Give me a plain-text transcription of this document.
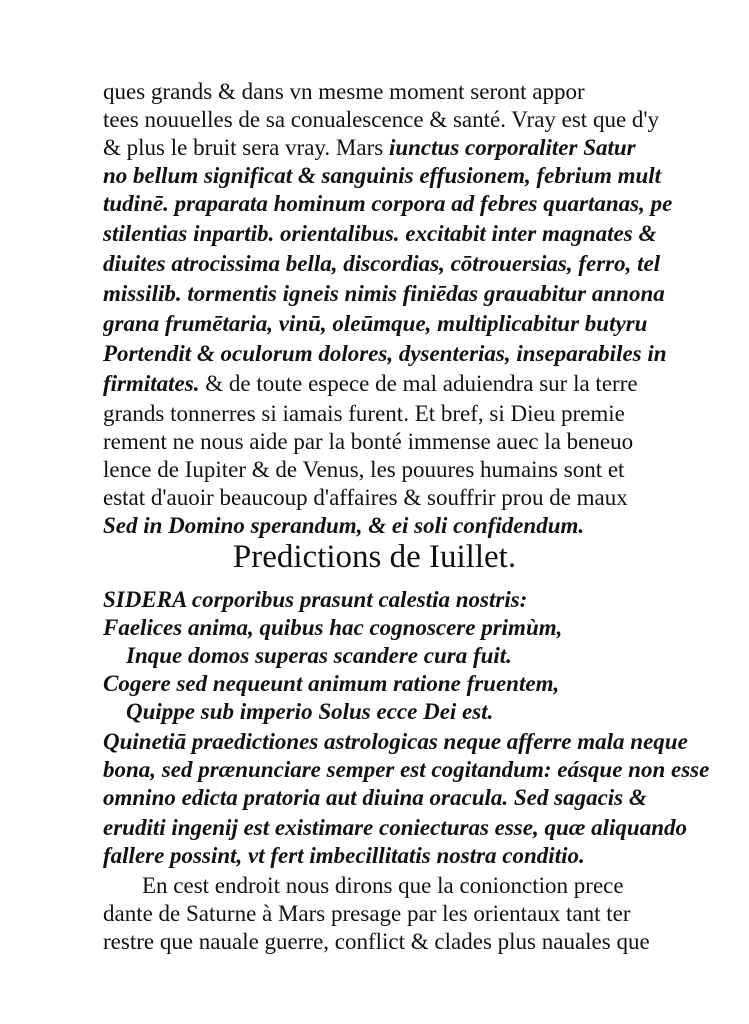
ques grands & dans vn mesme moment seront appor
tees nouuelles de sa conualescence & santé. Vray est que d'y
& plus le bruit sera vray. Mars iunctus corporaliter Satur
no bellum significat & sanguinis effusionem, febrium mult
tudinē. praparata hominum corpora ad febres quartanas, pe
stilentias inpartib. orientalibus. excitabit inter magnates &
diuites atrocissima bella, discordias, cōtrouersias, ferro, tel
missilib. tormentis igneis nimis finiēdas grauabitur annona
grana frumētaria, vinū, oleūmque, multiplicabitur butyru
Portendit & oculorum dolores, dysenterias, inseparabiles in
firmitates. & de toute espece de mal aduiendra sur la terre
grands tonnerres si iamais furent. Et bref, si Dieu premie
rement ne nous aide par la bonté immense auec la beneuo
lence de Iupiter & de Venus, les pouures humains sont et
estat d'auoir beaucoup d'affaires & souffrir prou de maux
Sed in Domino sperandum, & ei soli confidendum.
Predictions de Iuillet.
SIDERA corporibus prasunt calestia nostris:
Faelices anima, quibus hac cognoscere primùm,
Inque domos superas scandere cura fuit.
Cogere sed nequeunt animum ratione fruentem,
Quippe sub imperio Solus ecce Dei est.
Quinetiā praedictiones astrologicas neque afferre mala neque
bona, sed prænunciare semper est cogitandum: eásque non esse
omnino edicta pratoria aut diuina oracula. Sed sagacis &
eruditi ingenij est existimare coniecturas esse, quæ aliquando
fallere possint, vt fert imbecillitatis nostra conditio.
En cest endroit nous dirons que la conionction prece
dante de Saturne à Mars presage par les orientaux tant ter
restre que nauale guerre, conflict & clades plus nauales que
